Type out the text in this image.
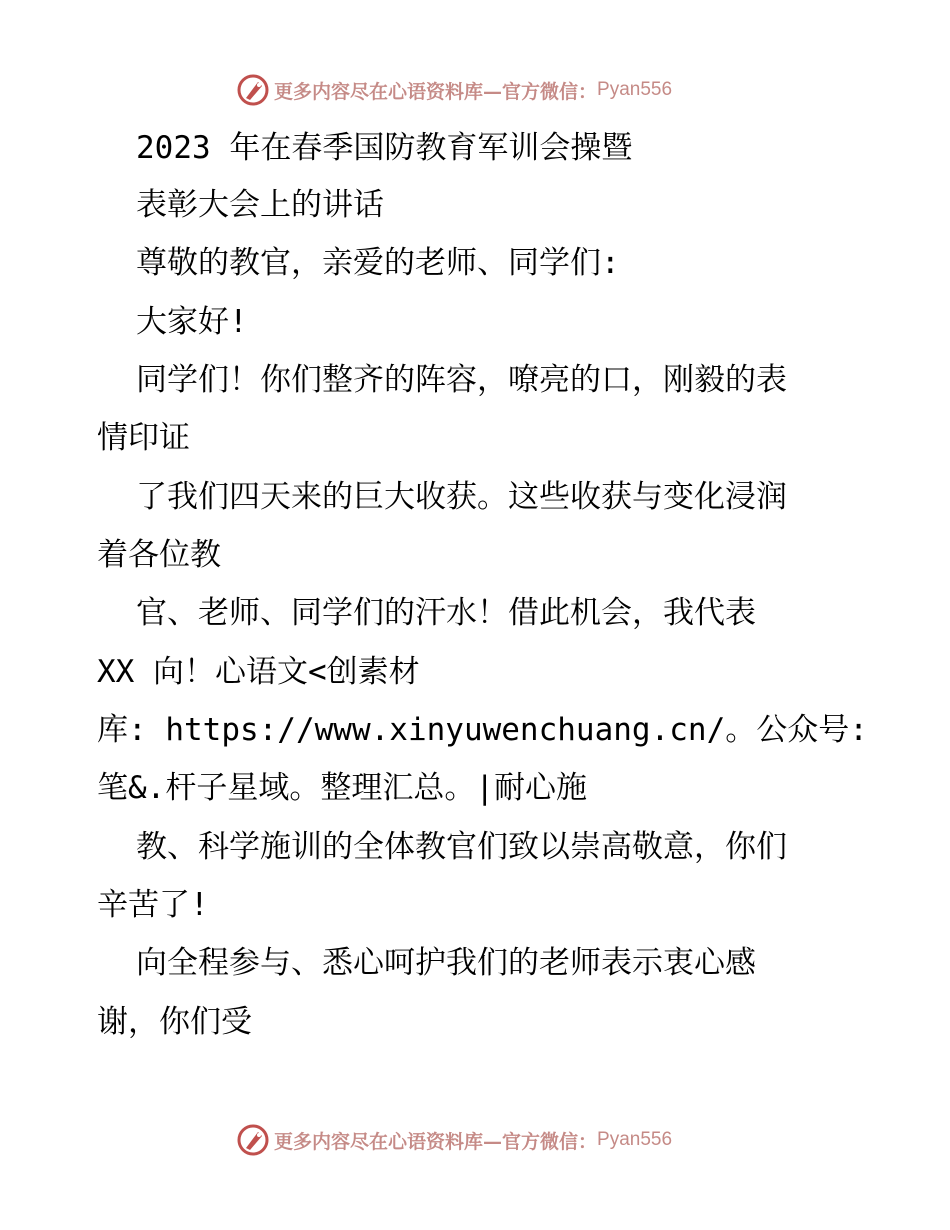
更多内容尽在心语资料库—官方微信： Pyan556
2023 年在春季国防教育军训会操暨
表彰大会上的讲话
尊敬的教官，亲爱的老师、同学们:
大家好!
同学们！你们整齐的阵容，嘹亮的口，刚毅的表
情印证
了我们四天来的巨大收获。这些收获与变化浸润
着各位教
官、老师、同学们的汗水！借此机会，我代表
XX 向！心语文<创素材
库: https://www.xinyuwenchuang.cn/。公众号:
笔&.杆子星域。整理汇总。|耐心施
教、科学施训的全体教官们致以崇高敬意，你们
辛苦了!
向全程参与、悉心呵护我们的老师表示衷心感
谢，你们受
更多内容尽在心语资料库—官方微信： Pyan556
